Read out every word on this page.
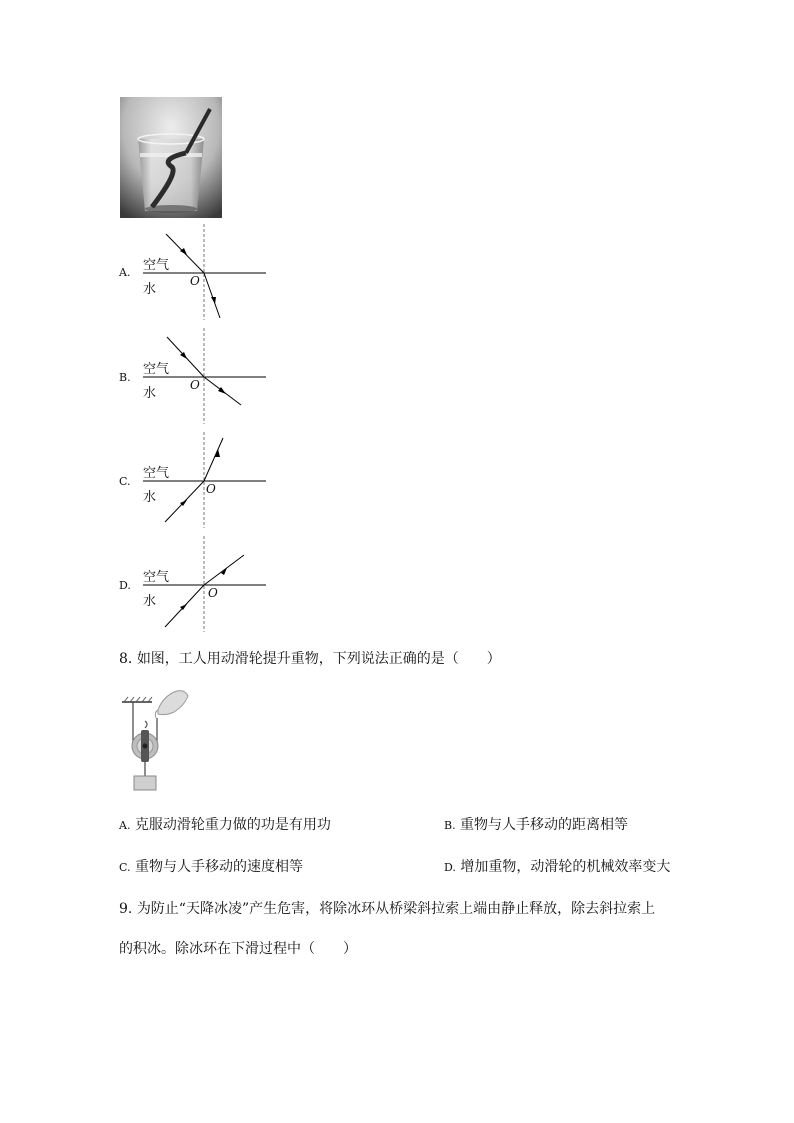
A. 空气
水
O
B.
空气
水
O
C.
空气
水
O
D.
空气
水
O
8. 如图，工人用动滑轮提升重物，下列说法正确的是（　　）
A. 克服动滑轮重力做的功是有用功	B. 重物与人手移动的距离相等
C. 重物与人手移动的速度相等	D. 增加重物，动滑轮的机械效率变大
9. 为防止“天降冰凌”产生危害，将除冰环从桥梁斜拉索上端由静止释放，除去斜拉索上
的积冰。除冰环在下滑过程中（　　）
